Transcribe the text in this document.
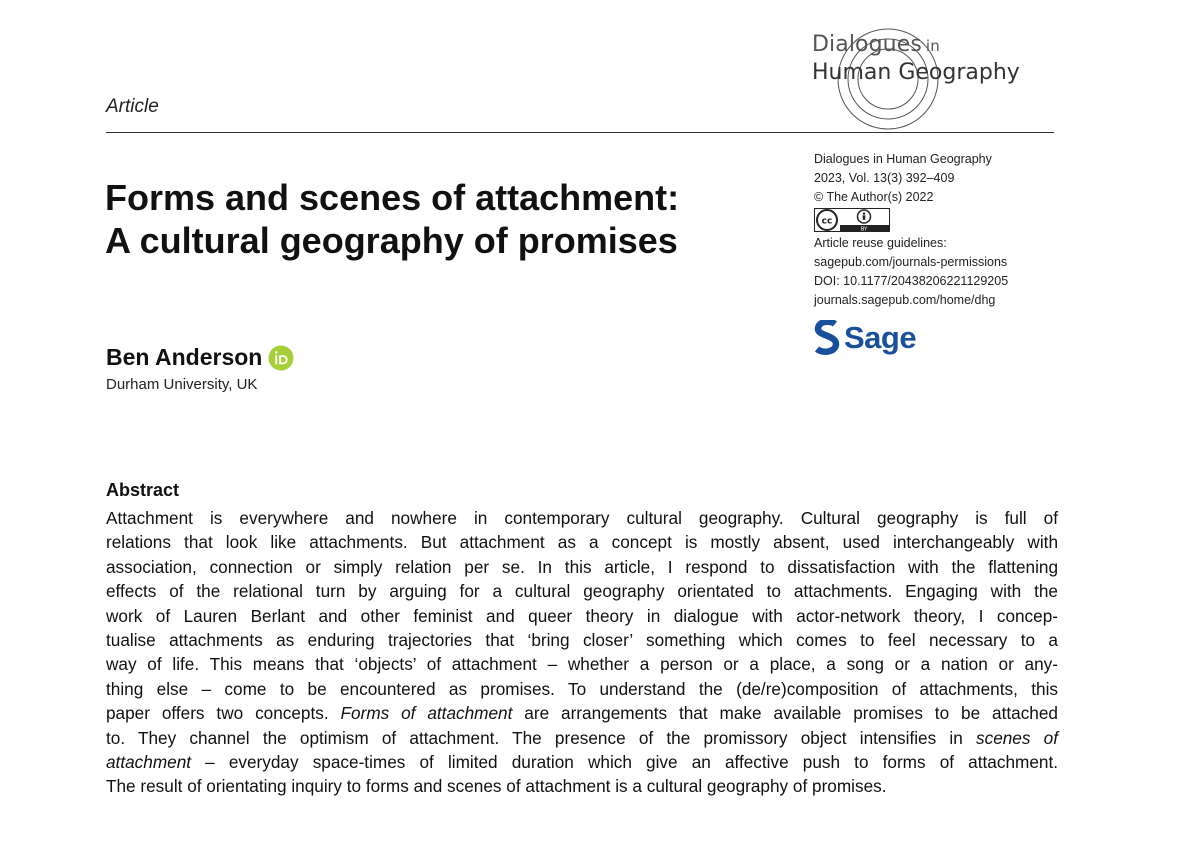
Dialogues in
Human Geography
Article
Forms and scenes of attachment:
A cultural geography of promises
Ben Anderson
Durham University, UK
Dialogues in Human Geography
2023, Vol. 13(3) 392–409
© The Author(s) 2022
BY
cc
Article reuse guidelines:
sagepub.com/journals-permissions
DOI: 10.1177/20438206221129205
journals.sagepub.com/home/dhg
Sage
Abstract
Attachment is everywhere and nowhere in contemporary cultural geography. Cultural geography is full of
relations that look like attachments. But attachment as a concept is mostly absent, used interchangeably with
association, connection or simply relation per se. In this article, I respond to dissatisfaction with the flattening
effects of the relational turn by arguing for a cultural geography orientated to attachments. Engaging with the
work of Lauren Berlant and other feminist and queer theory in dialogue with actor-network theory, I concep-
tualise attachments as enduring trajectories that ‘bring closer’ something which comes to feel necessary to a
way of life. This means that ‘objects’ of attachment – whether a person or a place, a song or a nation or any-
thing else – come to be encountered as promises. To understand the (de/re)composition of attachments, this
paper offers two concepts. Forms of attachment are arrangements that make available promises to be attached
to. They channel the optimism of attachment. The presence of the promissory object intensifies in scenes of
attachment – everyday space-times of limited duration which give an affective push to forms of attachment.
The result of orientating inquiry to forms and scenes of attachment is a cultural geography of promises.
